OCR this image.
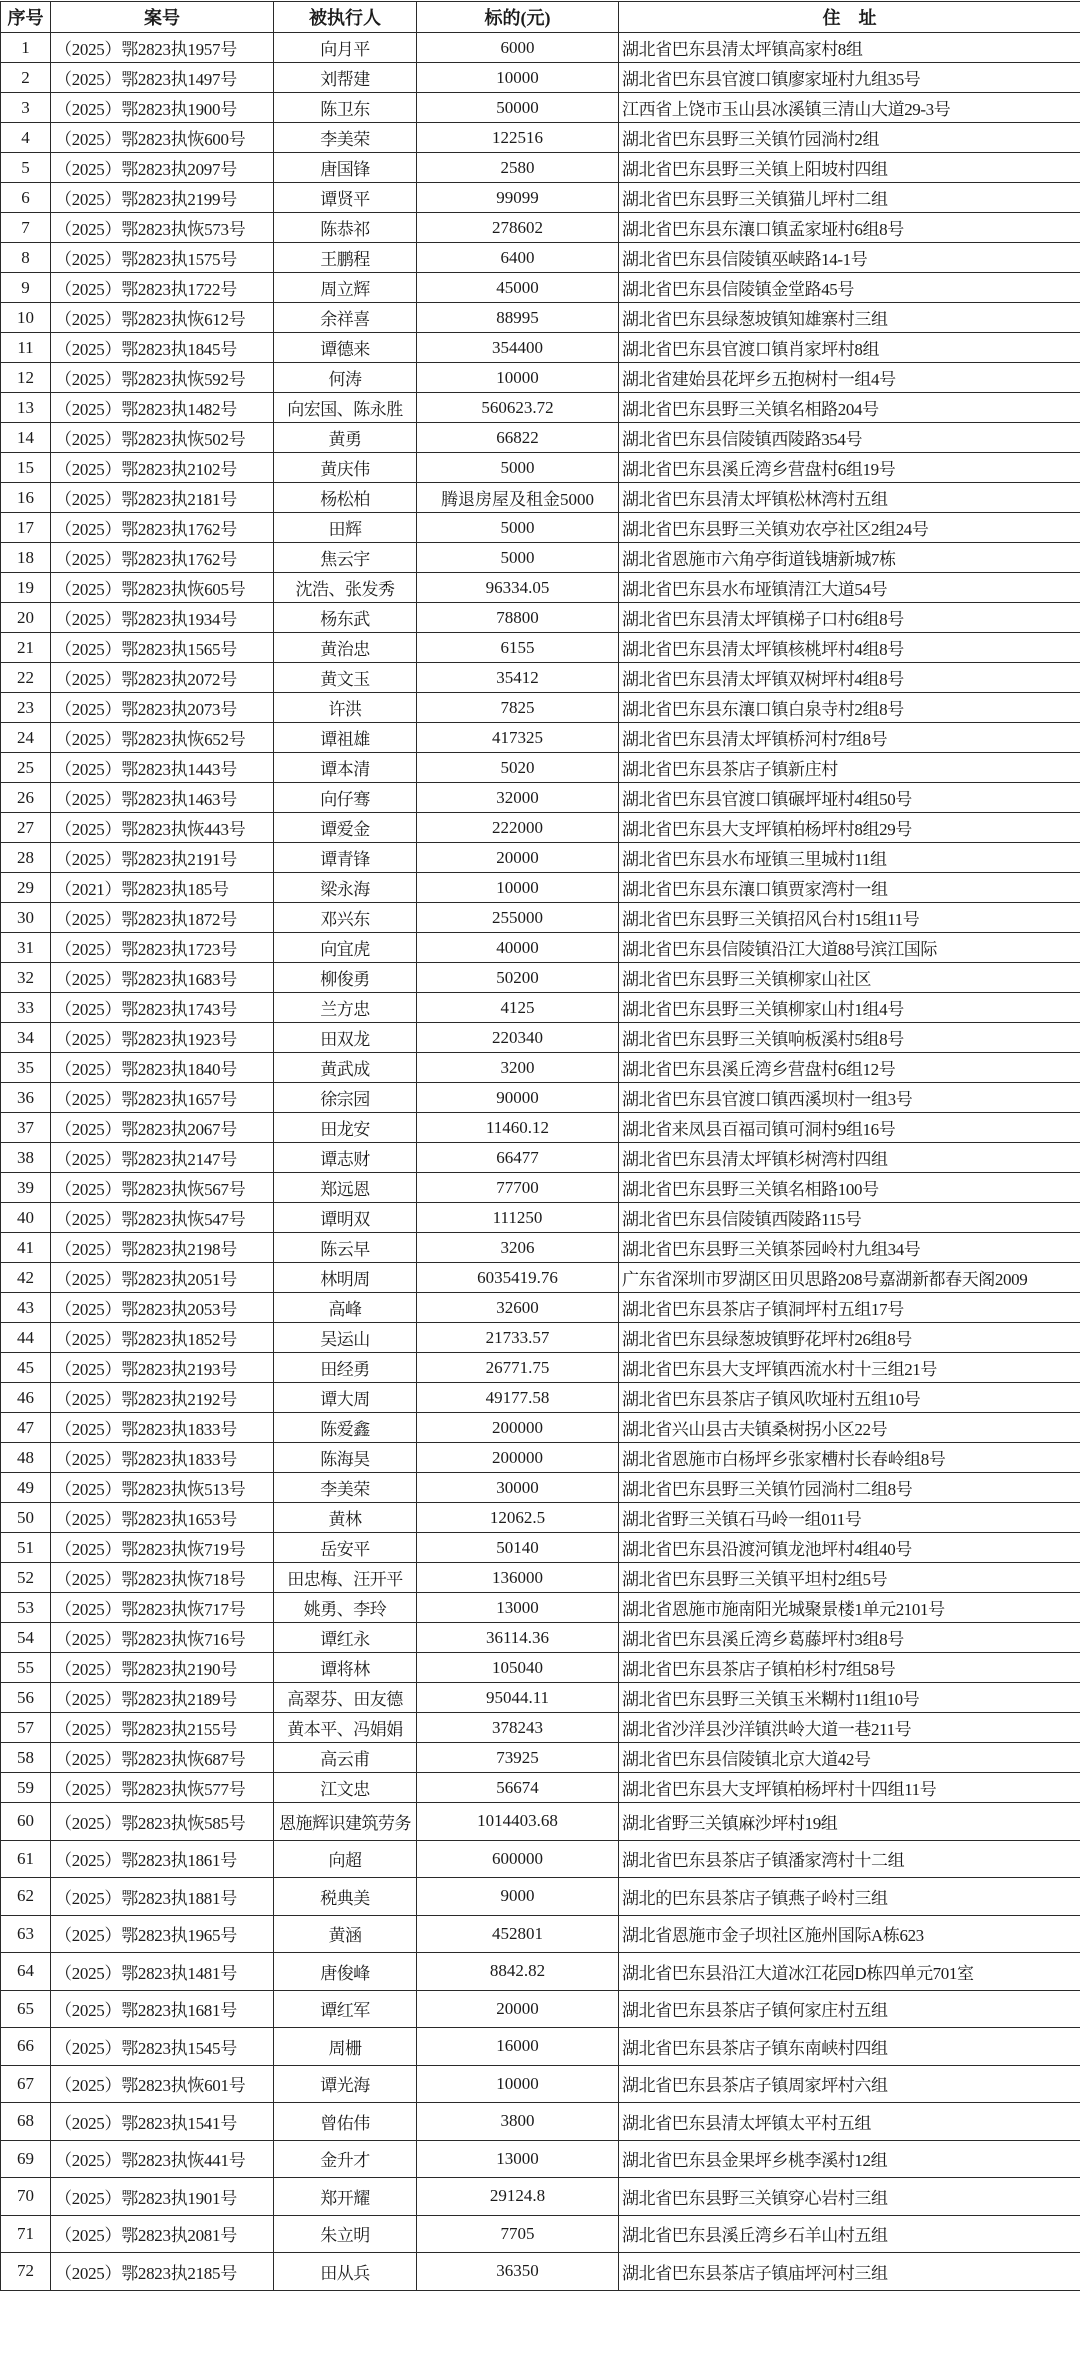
序号	案号	被执行人	标的(元)	住　址
1	（2025）鄂2823执1957号	向月平	6000	湖北省巴东县清太坪镇高家村8组
2	（2025）鄂2823执1497号	刘帮建	10000	湖北省巴东县官渡口镇廖家垭村九组35号
3	（2025）鄂2823执1900号	陈卫东	50000	江西省上饶市玉山县冰溪镇三清山大道29-3号
4	（2025）鄂2823执恢600号	李美荣	122516	湖北省巴东县野三关镇竹园淌村2组
5	（2025）鄂2823执2097号	唐国锋	2580	湖北省巴东县野三关镇上阳坡村四组
6	（2025）鄂2823执2199号	谭贤平	99099	湖北省巴东县野三关镇猫儿坪村二组
7	（2025）鄂2823执恢573号	陈恭祁	278602	湖北省巴东县东瀼口镇孟家垭村6组8号
8	（2025）鄂2823执1575号	王鹏程	6400	湖北省巴东县信陵镇巫峡路14-1号
9	（2025）鄂2823执1722号	周立辉	45000	湖北省巴东县信陵镇金堂路45号
10	（2025）鄂2823执恢612号	余祥喜	88995	湖北省巴东县绿葱坡镇知雄寨村三组
11	（2025）鄂2823执1845号	谭德来	354400	湖北省巴东县官渡口镇肖家坪村8组
12	（2025）鄂2823执恢592号	何涛	10000	湖北省建始县花坪乡五抱树村一组4号
13	（2025）鄂2823执1482号	向宏国、陈永胜	560623.72	湖北省巴东县野三关镇名相路204号
14	（2025）鄂2823执恢502号	黄勇	66822	湖北省巴东县信陵镇西陵路354号
15	（2025）鄂2823执2102号	黄庆伟	5000	湖北省巴东县溪丘湾乡营盘村6组19号
16	（2025）鄂2823执2181号	杨松柏	腾退房屋及租金5000	湖北省巴东县清太坪镇松林湾村五组
17	（2025）鄂2823执1762号	田辉	5000	湖北省巴东县野三关镇劝农亭社区2组24号
18	（2025）鄂2823执1762号	焦云宇	5000	湖北省恩施市六角亭街道钱塘新城7栋
19	（2025）鄂2823执恢605号	沈浩、张发秀	96334.05	湖北省巴东县水布垭镇清江大道54号
20	（2025）鄂2823执1934号	杨东武	78800	湖北省巴东县清太坪镇梯子口村6组8号
21	（2025）鄂2823执1565号	黄治忠	6155	湖北省巴东县清太坪镇核桃坪村4组8号
22	（2025）鄂2823执2072号	黄文玉	35412	湖北省巴东县清太坪镇双树坪村4组8号
23	（2025）鄂2823执2073号	许洪	7825	湖北省巴东县东瀼口镇白泉寺村2组8号
24	（2025）鄂2823执恢652号	谭祖雄	417325	湖北省巴东县清太坪镇桥河村7组8号
25	（2025）鄂2823执1443号	谭本清	5020	湖北省巴东县茶店子镇新庄村
26	（2025）鄂2823执1463号	向仔骞	32000	湖北省巴东县官渡口镇碾坪垭村4组50号
27	（2025）鄂2823执恢443号	谭爱金	222000	湖北省巴东县大支坪镇柏杨坪村8组29号
28	（2025）鄂2823执2191号	谭青锋	20000	湖北省巴东县水布垭镇三里城村11组
29	（2021）鄂2823执185号	梁永海	10000	湖北省巴东县东瀼口镇贾家湾村一组
30	（2025）鄂2823执1872号	邓兴东	255000	湖北省巴东县野三关镇招风台村15组11号
31	（2025）鄂2823执1723号	向宜虎	40000	湖北省巴东县信陵镇沿江大道88号滨江国际
32	（2025）鄂2823执1683号	柳俊勇	50200	湖北省巴东县野三关镇柳家山社区
33	（2025）鄂2823执1743号	兰方忠	4125	湖北省巴东县野三关镇柳家山村1组4号
34	（2025）鄂2823执1923号	田双龙	220340	湖北省巴东县野三关镇响板溪村5组8号
35	（2025）鄂2823执1840号	黄武成	3200	湖北省巴东县溪丘湾乡营盘村6组12号
36	（2025）鄂2823执1657号	徐宗园	90000	湖北省巴东县官渡口镇西溪坝村一组3号
37	（2025）鄂2823执2067号	田龙安	11460.12	湖北省来凤县百福司镇可洞村9组16号
38	（2025）鄂2823执2147号	谭志财	66477	湖北省巴东县清太坪镇杉树湾村四组
39	（2025）鄂2823执恢567号	郑远恩	77700	湖北省巴东县野三关镇名相路100号
40	（2025）鄂2823执恢547号	谭明双	111250	湖北省巴东县信陵镇西陵路115号
41	（2025）鄂2823执2198号	陈云早	3206	湖北省巴东县野三关镇茶园岭村九组34号
42	（2025）鄂2823执2051号	林明周	6035419.76	广东省深圳市罗湖区田贝思路208号嘉湖新都春天阁2009
43	（2025）鄂2823执2053号	高峰	32600	湖北省巴东县茶店子镇洞坪村五组17号
44	（2025）鄂2823执1852号	吴运山	21733.57	湖北省巴东县绿葱坡镇野花坪村26组8号
45	（2025）鄂2823执2193号	田经勇	26771.75	湖北省巴东县大支坪镇西流水村十三组21号
46	（2025）鄂2823执2192号	谭大周	49177.58	湖北省巴东县茶店子镇风吹垭村五组10号
47	（2025）鄂2823执1833号	陈爱鑫	200000	湖北省兴山县古夫镇桑树拐小区22号
48	（2025）鄂2823执1833号	陈海昊	200000	湖北省恩施市白杨坪乡张家槽村长春岭组8号
49	（2025）鄂2823执恢513号	李美荣	30000	湖北省巴东县野三关镇竹园淌村二组8号
50	（2025）鄂2823执1653号	黄林	12062.5	湖北省野三关镇石马岭一组011号
51	（2025）鄂2823执恢719号	岳安平	50140	湖北省巴东县沿渡河镇龙池坪村4组40号
52	（2025）鄂2823执恢718号	田忠梅、汪开平	136000	湖北省巴东县野三关镇平坦村2组5号
53	（2025）鄂2823执恢717号	姚勇、李玲	13000	湖北省恩施市施南阳光城聚景楼1单元2101号
54	（2025）鄂2823执恢716号	谭红永	36114.36	湖北省巴东县溪丘湾乡葛藤坪村3组8号
55	（2025）鄂2823执2190号	谭将林	105040	湖北省巴东县茶店子镇柏杉村7组58号
56	（2025）鄂2823执2189号	高翠芬、田友德	95044.11	湖北省巴东县野三关镇玉米糊村11组10号
57	（2025）鄂2823执2155号	黄本平、冯娟娟	378243	湖北省沙洋县沙洋镇洪岭大道一巷211号
58	（2025）鄂2823执恢687号	高云甫	73925	湖北省巴东县信陵镇北京大道42号
59	（2025）鄂2823执恢577号	江文忠	56674	湖北省巴东县大支坪镇柏杨坪村十四组11号
60	（2025）鄂2823执恢585号	恩施辉识建筑劳务	1014403.68	湖北省野三关镇麻沙坪村19组
61	（2025）鄂2823执1861号	向超	600000	湖北省巴东县茶店子镇潘家湾村十二组
62	（2025）鄂2823执1881号	税典美	9000	湖北的巴东县茶店子镇燕子岭村三组
63	（2025）鄂2823执1965号	黄涵	452801	湖北省恩施市金子坝社区施州国际A栋623
64	（2025）鄂2823执1481号	唐俊峰	8842.82	湖北省巴东县沿江大道冰江花园D栋四单元701室
65	（2025）鄂2823执1681号	谭红军	20000	湖北省巴东县茶店子镇何家庄村五组
66	（2025）鄂2823执1545号	周栅	16000	湖北省巴东县茶店子镇东南峡村四组
67	（2025）鄂2823执恢601号	谭光海	10000	湖北省巴东县茶店子镇周家坪村六组
68	（2025）鄂2823执1541号	曾佑伟	3800	湖北省巴东县清太坪镇太平村五组
69	（2025）鄂2823执恢441号	金升才	13000	湖北省巴东县金果坪乡桃李溪村12组
70	（2025）鄂2823执1901号	郑开耀	29124.8	湖北省巴东县野三关镇穿心岩村三组
71	（2025）鄂2823执2081号	朱立明	7705	湖北省巴东县溪丘湾乡石羊山村五组
72	（2025）鄂2823执2185号	田从兵	36350	湖北省巴东县茶店子镇庙坪河村三组
